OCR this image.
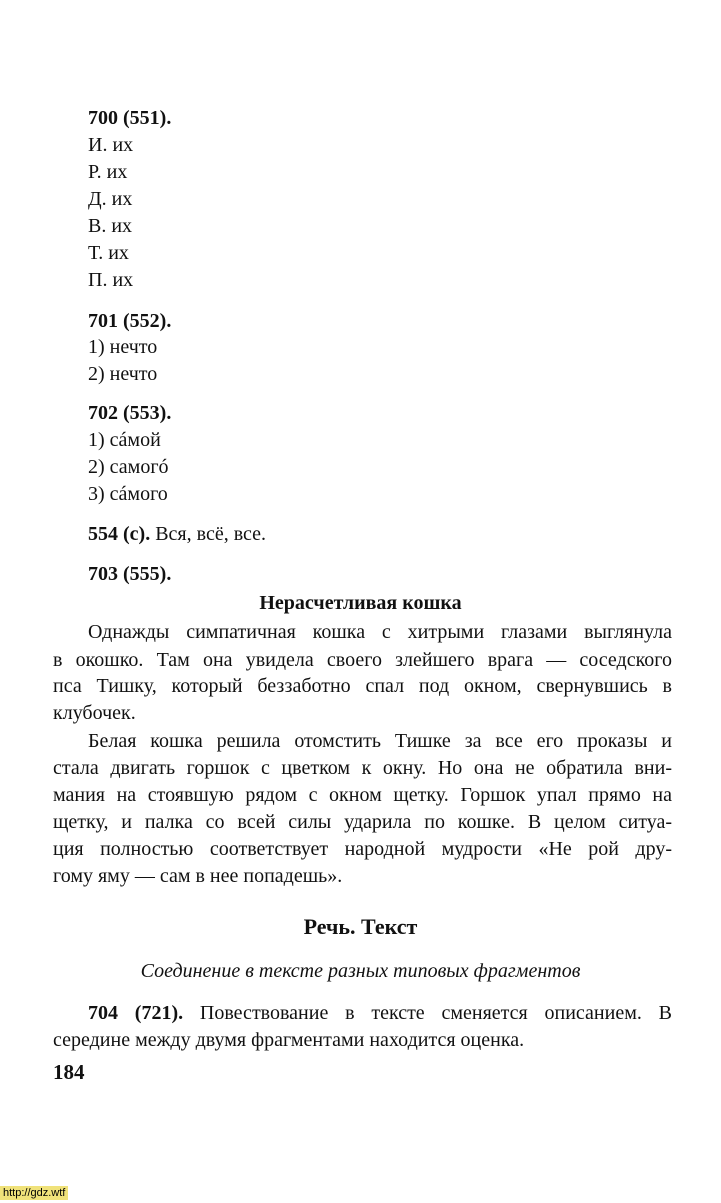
700 (551).
И. их
Р. их
Д. их
В. их
Т. их
П. их
701 (552).
1) нечто
2) нечто
702 (553).
1) сáмой
2) самогó
3) сáмого
554 (с). Вся, всё, все.
703 (555).
Нерасчетливая кошка
Однажды симпатичная кошка с хитрыми глазами выглянула
в окошко. Там она увидела своего злейшего врага — соседского
пса Тишку, который беззаботно спал под окном, свернувшись в
клубочек.
Белая кошка решила отомстить Тишке за все его проказы и
стала двигать горшок с цветком к окну. Но она не обратила вни-
мания на стоявшую рядом с окном щетку. Горшок упал прямо на
щетку, и палка со всей силы ударила по кошке. В целом ситуа-
ция полностью соответствует народной мудрости «Не рой дру-
гому яму — сам в нее попадешь».
Речь. Текст
Соединение в тексте разных типовых фрагментов
704 (721). Повествование в тексте сменяется описанием. В
середине между двумя фрагментами находится оценка.
184
http://gdz.wtf
